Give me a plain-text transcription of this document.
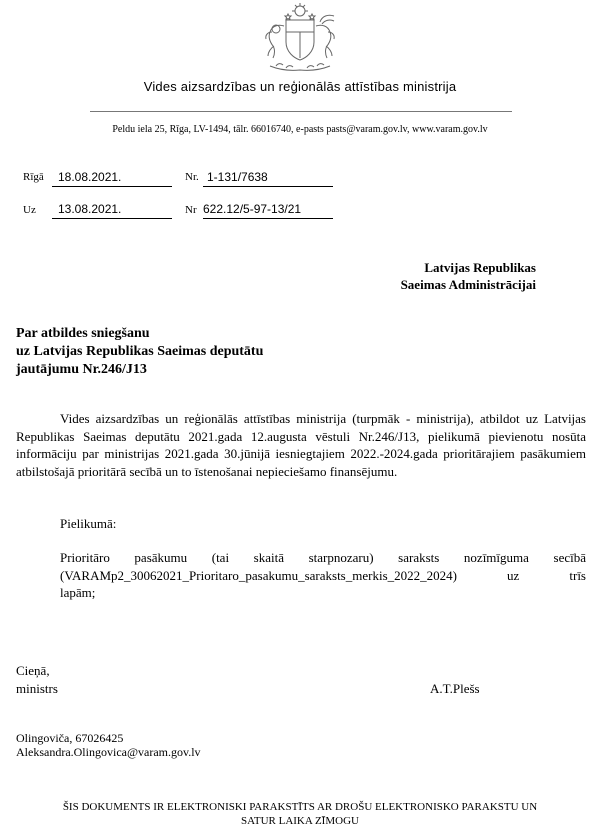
Vides aizsardzības un reģionālās attīstības ministrija
Peldu iela 25, Rīga, LV-1494, tālr. 66016740, e-pasts pasts@varam.gov.lv, www.varam.gov.lv
Rīgā 18.08.2021.	Nr. 1-131/7638
Uz 13.08.2021.	Nr 622.12/5-97-13/21
Latvijas Republikas
Saeimas Administrācijai
Par atbildes sniegšanu
uz Latvijas Republikas Saeimas deputātu
jautājumu Nr.246/J13

Vides aizsardzības un reģionālās attīstības ministrija (turpmāk - ministrija), atbildot uz Latvijas Republikas Saeimas deputātu 2021.gada 12.augusta vēstuli Nr.246/J13, pielikumā pievienotu nosūta informāciju par ministrijas 2021.gada 30.jūnijā iesniegtajiem 2022.-2024.gada prioritārajiem pasākumiem atbilstošajā prioritārā secībā un to īstenošanai nepieciešamo finansējumu.

Pielikumā:
Prioritāro pasākumu (tai skaitā starpnozaru) saraksts nozīmīguma secībā
(VARAMp2_30062021_Prioritaro_pasakumu_saraksts_merkis_2022_2024) uz trīs
lapām;
Cieņā,
ministrs	A.T.Plešs
Olingoviča, 67026425
Aleksandra.Olingovica@varam.gov.lv
ŠIS DOKUMENTS IR ELEKTRONISKI PARAKSTĪTS AR DROŠU ELEKTRONISKO PARAKSTU UN
SATUR LAIKA ZĪMOGU
